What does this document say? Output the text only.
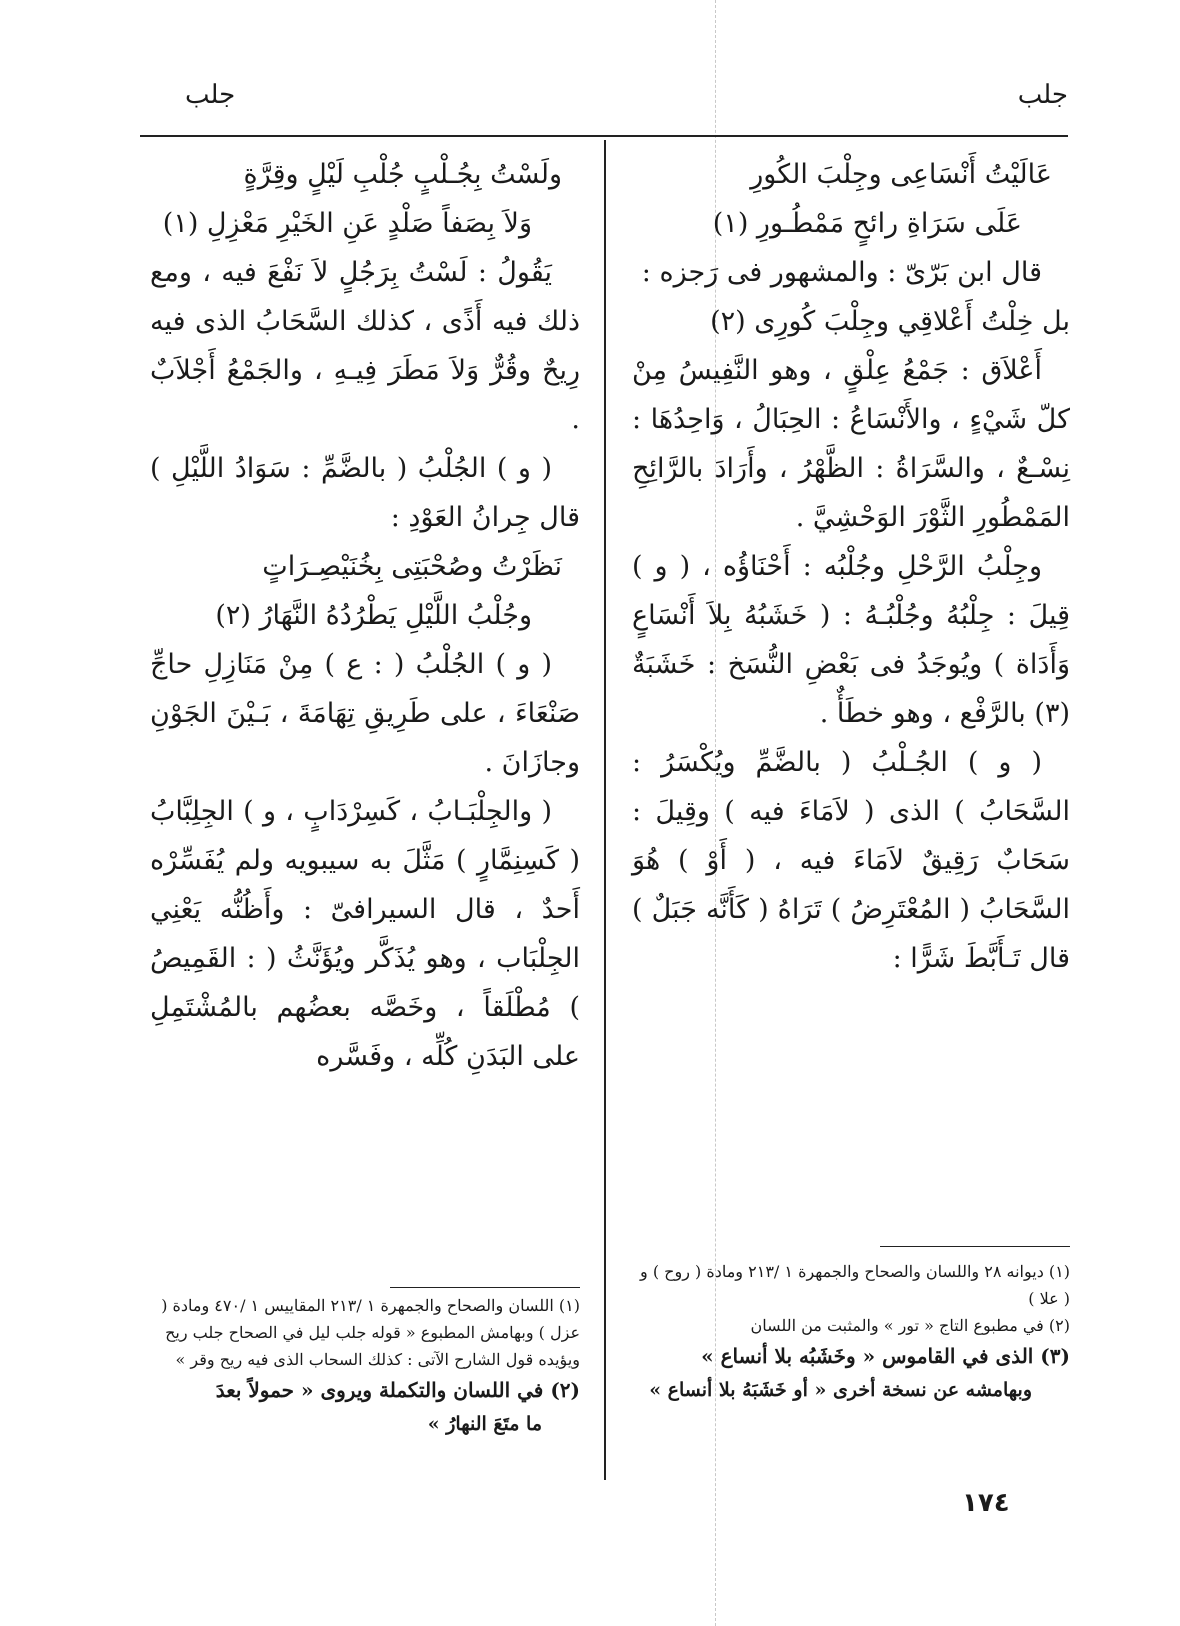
جلب
جلب

عَالَيْتُ أَنْسَاعِى وجِلْبَ الكُورِ

عَلَى سَرَاةِ رائحٍ مَمْطُـورِ (١)

قال ابن بَرّىّ : والمشهور فى رَجزه :

بل خِلْتُ أَعْلاقِي وجِلْبَ كُورِى (٢)

أَعْلاَق : جَمْعُ عِلْقٍ ، وهو النَّفِيسُ مِنْ كلّ شَيْءٍ ، والأَنْسَاعُ : الحِبَالُ ، وَاحِدُهَا : نِسْـعٌ ، والسَّرَاةُ : الظَّهْرُ ، وأَرَادَ بالرَّائِحِ المَمْطُورِ الثَّوْرَ الوَحْشِيَّ .

وجِلْبُ الرَّحْلِ وجُلْبُه : أَحْنَاؤُه ، ( و ) قِيلَ : جِلْبُهُ وجُلْبُـهُ : ( خَشَبُهُ بِلاَ أَنْسَاعٍ وَأَدَاة ) ويُوجَدُ فى بَعْضِ النُّسَخ : خَشَبَةٌ (٣) بالرَّفْع ، وهو خطَأٌ .

( و ) الجُـلْبُ ( بالضَّمِّ ويُكْسَرُ : السَّحَابُ ) الذى ( لاَمَاءَ فيه ) وقِيلَ : سَحَابٌ رَقِيقٌ لاَمَاءَ فيه ، ( أَوْ ) هُوَ السَّحَابُ ( المُعْتَرِضُ ) تَرَاهُ ( كَأَنَّه جَبَلٌ ) قال تَـأَبَّطَ شَرًّا :

ولَسْتُ بِجُـلْبٍ جُلْبِ لَيْلٍ وقِرَّةٍ

وَلاَ بِصَفاً صَلْدٍ عَنِ الخَيْرِ مَعْزِلِ (١)

يَقُولُ : لَسْتُ بِرَجُلٍ لاَ نَفْعَ فيه ، ومع ذلك فيه أَذًى ، كذلك السَّحَابُ الذى فيه رِيحٌ وقُرٌّ وَلاَ مَطَرَ فِيـهِ ، والجَمْعُ أَجْلاَبٌ .

( و ) الجُلْبُ ( بالضَّمِّ : سَوَادُ اللَّيْلِ ) قال جِرانُ العَوْدِ :

نَظَرْتُ وصُحْبَتِى بِخُنَيْصِـرَاتٍ

وجُلْبُ اللَّيْلِ يَطْرُدُهُ النَّهَارُ (٢)

( و ) الجُلْبُ ( : ع ) مِنْ مَنَازِلِ حاجِّ صَنْعَاءَ ، على طَرِيقِ تِهَامَةَ ، بَـيْنَ الجَوْنِ وجازَانَ .

( والجِلْبَـابُ ، كَسِرْدَابٍ ، و ) الجِلِبَّابُ ( كَسِنِمَّارٍ ) مَثَّلَ به سيبويه ولم يُفَسِّرْه أَحدٌ ، قال السيرافىّ : وأَظُنُّه يَعْنِي الجِلْبَاب ، وهو يُذَكَّر ويُؤَنَّثُ ( : القَمِيصُ ) مُطْلَقاً ، وخَصَّه بعضُهم بالمُشْتَمِلِ على البَدَنِ كُلِّه ، وفَسَّره

(١) ديوانه ٢٨ واللسان والصحاح والجمهرة ١ /٢١٣ ومادة ( روح ) و ( علا )

(٢) في مطبوع التاج « تور » والمثبت من اللسان

(٣) الذى في القاموس « وخَشَبُه بلا أنساع »

وبهامشه عن نسخة أخرى « أو خَشَبَهُ بلا أنساع »

(١) اللسان والصحاح والجمهرة ١ /٢١٣ المقاييس ١ /٤٧٠ ومادة ( عزل ) وبهامش المطبوع « قوله جلب ليل في الصحاح جلب ريح ويؤيده قول الشارح الآتى : كذلك السحاب الذى فيه ريح وقر »

(٢) في اللسان والتكملة ويروى « حمولاً بعدَ

ما متَعَ النهارُ »

١٧٤
